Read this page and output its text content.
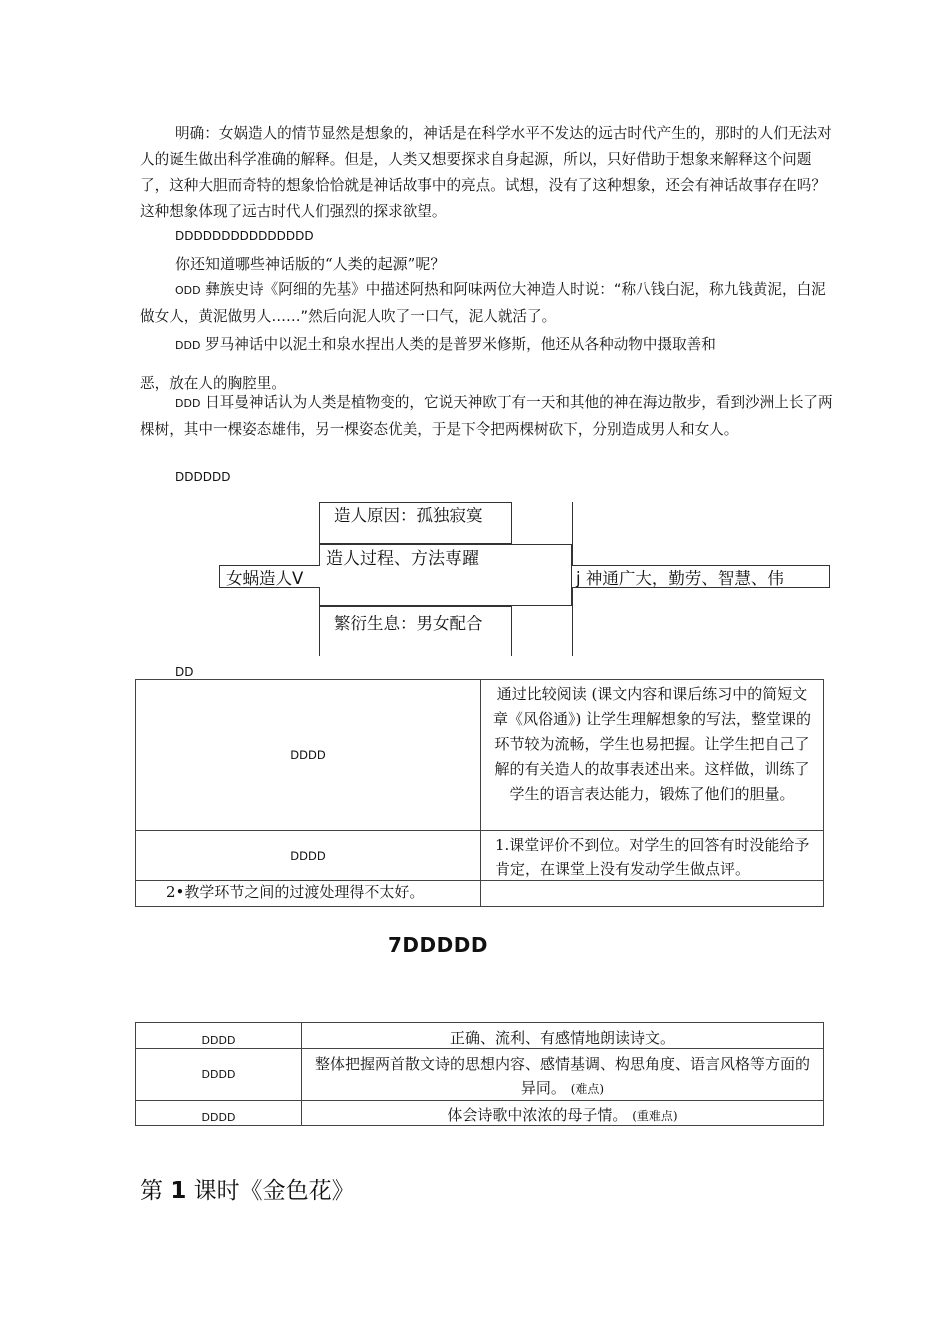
明确：女娲造人的情节显然是想象的，神话是在科学水平不发达的远古时代产生的，那时的人们无法对人的诞生做出科学准确的解释。但是，人类又想要探求自身起源，所以，只好借助于想象来解释这个问题了，这种大胆而奇特的想象恰恰就是神话故事中的亮点。试想，没有了这种想象，还会有神话故事存在吗？这种想象体现了远古时代人们强烈的探求欲望。
DDDDDDDDDDDDDDD
你还知道哪些神话版的“人类的起源”呢？
ODD 彝族史诗《阿细的先基》中描述阿热和阿味两位大神造人时说：“称八钱白泥，称九钱黄泥，白泥做女人，黄泥做男人……”然后向泥人吹了一口气，泥人就活了。
DDD 罗马神话中以泥土和泉水捏出人类的是普罗米修斯，他还从各种动物中摄取善和
恶，放在人的胸腔里。
DDD 日耳曼神话认为人类是植物变的，它说天神欧丁有一天和其他的神在海边散步，看到沙洲上长了两棵树，其中一棵姿态雄伟，另一棵姿态优美，于是下令把两棵树砍下，分别造成男人和女人。
DDDDDD
女蜗造人Ⅴ
造人原因：孤独寂寞
造人过程、方法専躍
繁衍生息：男女配合
j 神通广大，勤劳、智慧、伟
DD
DDDD
通过比较阅读 (课文内容和课后练习中的简短文章《风俗通》) 让学生理解想象的写法，整堂课的环节较为流畅，学生也易把握。让学生把自己了解的有关造人的故事表述出来。这样做，训练了学生的语言表达能力，锻炼了他们的胆量。
DDDD
1.课堂评价不到位。对学生的回答有时没能给予肯定，在课堂上没有发动学生做点评。
2•教学环节之间的过渡处理得不太好。
7DDDDD
DDDD	正确、流利、有感情地朗读诗文。
DDDD
整体把握两首散文诗的思想内容、感情基调、构思角度、语言风格等方面的异同。 (难点)
DDDD	体会诗歌中浓浓的母子情。 (重难点)
第 1 课时《金色花》
